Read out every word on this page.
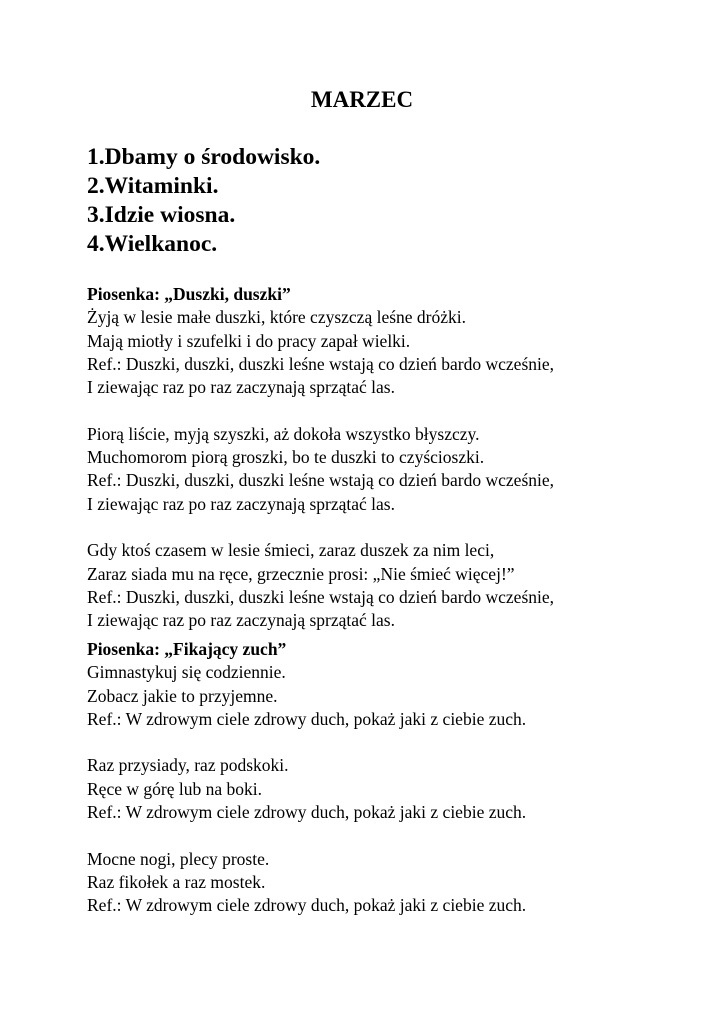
MARZEC
1.Dbamy o środowisko.
2.Witaminki.
3.Idzie wiosna.
4.Wielkanoc.
Piosenka: „Duszki, duszki”
Żyją w lesie małe duszki, które czyszczą leśne dróżki.
Mają miotły i szufelki i do pracy zapał wielki.
Ref.: Duszki, duszki, duszki leśne wstają co dzień bardo wcześnie,
I ziewając raz po raz zaczynają sprzątać las.
Piorą liście, myją szyszki, aż dokoła wszystko błyszczy.
Muchomorom piorą groszki, bo te duszki to czyścioszki.
Ref.: Duszki, duszki, duszki leśne wstają co dzień bardo wcześnie,
I ziewając raz po raz zaczynają sprzątać las.
Gdy ktoś czasem w lesie śmieci, zaraz duszek za nim leci,
Zaraz siada mu na ręce, grzecznie prosi: „Nie śmieć więcej!”
Ref.: Duszki, duszki, duszki leśne wstają co dzień bardo wcześnie,
I ziewając raz po raz zaczynają sprzątać las.
Piosenka: „Fikający zuch”
Gimnastykuj się codziennie.
Zobacz jakie to przyjemne.
Ref.: W zdrowym ciele zdrowy duch, pokaż jaki z ciebie zuch.
Raz przysiady, raz podskoki.
Ręce w górę lub na boki.
Ref.: W zdrowym ciele zdrowy duch, pokaż jaki z ciebie zuch.
Mocne nogi, plecy proste.
Raz fikołek a raz mostek.
Ref.: W zdrowym ciele zdrowy duch, pokaż jaki z ciebie zuch.
